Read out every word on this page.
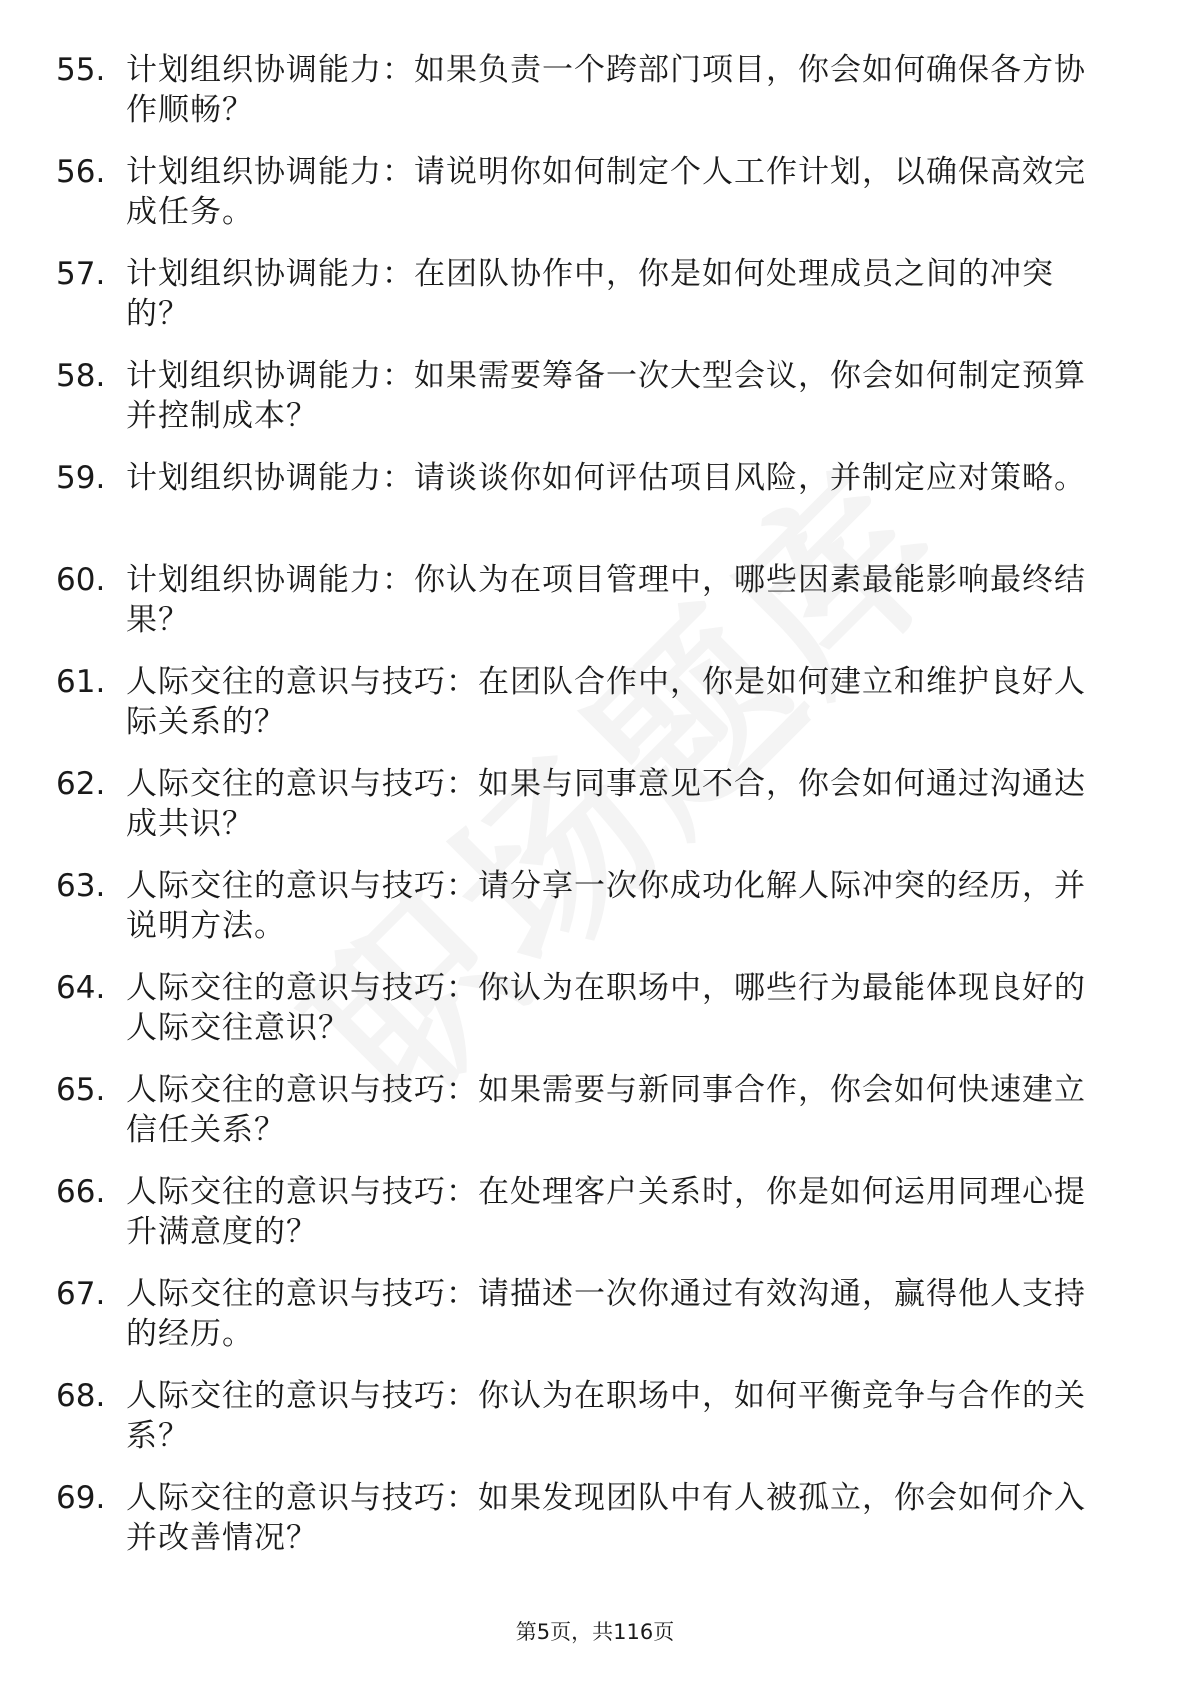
55. 计划组织协调能力：如果负责一个跨部门项目，你会如何确保各方协作顺畅？
56. 计划组织协调能力：请说明你如何制定个人工作计划，以确保高效完成任务。
57. 计划组织协调能力：在团队协作中，你是如何处理成员之间的冲突的？
58. 计划组织协调能力：如果需要筹备一次大型会议，你会如何制定预算并控制成本？
59. 计划组织协调能力：请谈谈你如何评估项目风险，并制定应对策略。
60. 计划组织协调能力：你认为在项目管理中，哪些因素最能影响最终结果？
61. 人际交往的意识与技巧：在团队合作中，你是如何建立和维护良好人际关系的？
62. 人际交往的意识与技巧：如果与同事意见不合，你会如何通过沟通达成共识？
63. 人际交往的意识与技巧：请分享一次你成功化解人际冲突的经历，并说明方法。
64. 人际交往的意识与技巧：你认为在职场中，哪些行为最能体现良好的人际交往意识？
65. 人际交往的意识与技巧：如果需要与新同事合作，你会如何快速建立信任关系？
66. 人际交往的意识与技巧：在处理客户关系时，你是如何运用同理心提升满意度的？
67. 人际交往的意识与技巧：请描述一次你通过有效沟通，赢得他人支持的经历。
68. 人际交往的意识与技巧：你认为在职场中，如何平衡竞争与合作的关系？
69. 人际交往的意识与技巧：如果发现团队中有人被孤立，你会如何介入并改善情况？
第5页，共116页
